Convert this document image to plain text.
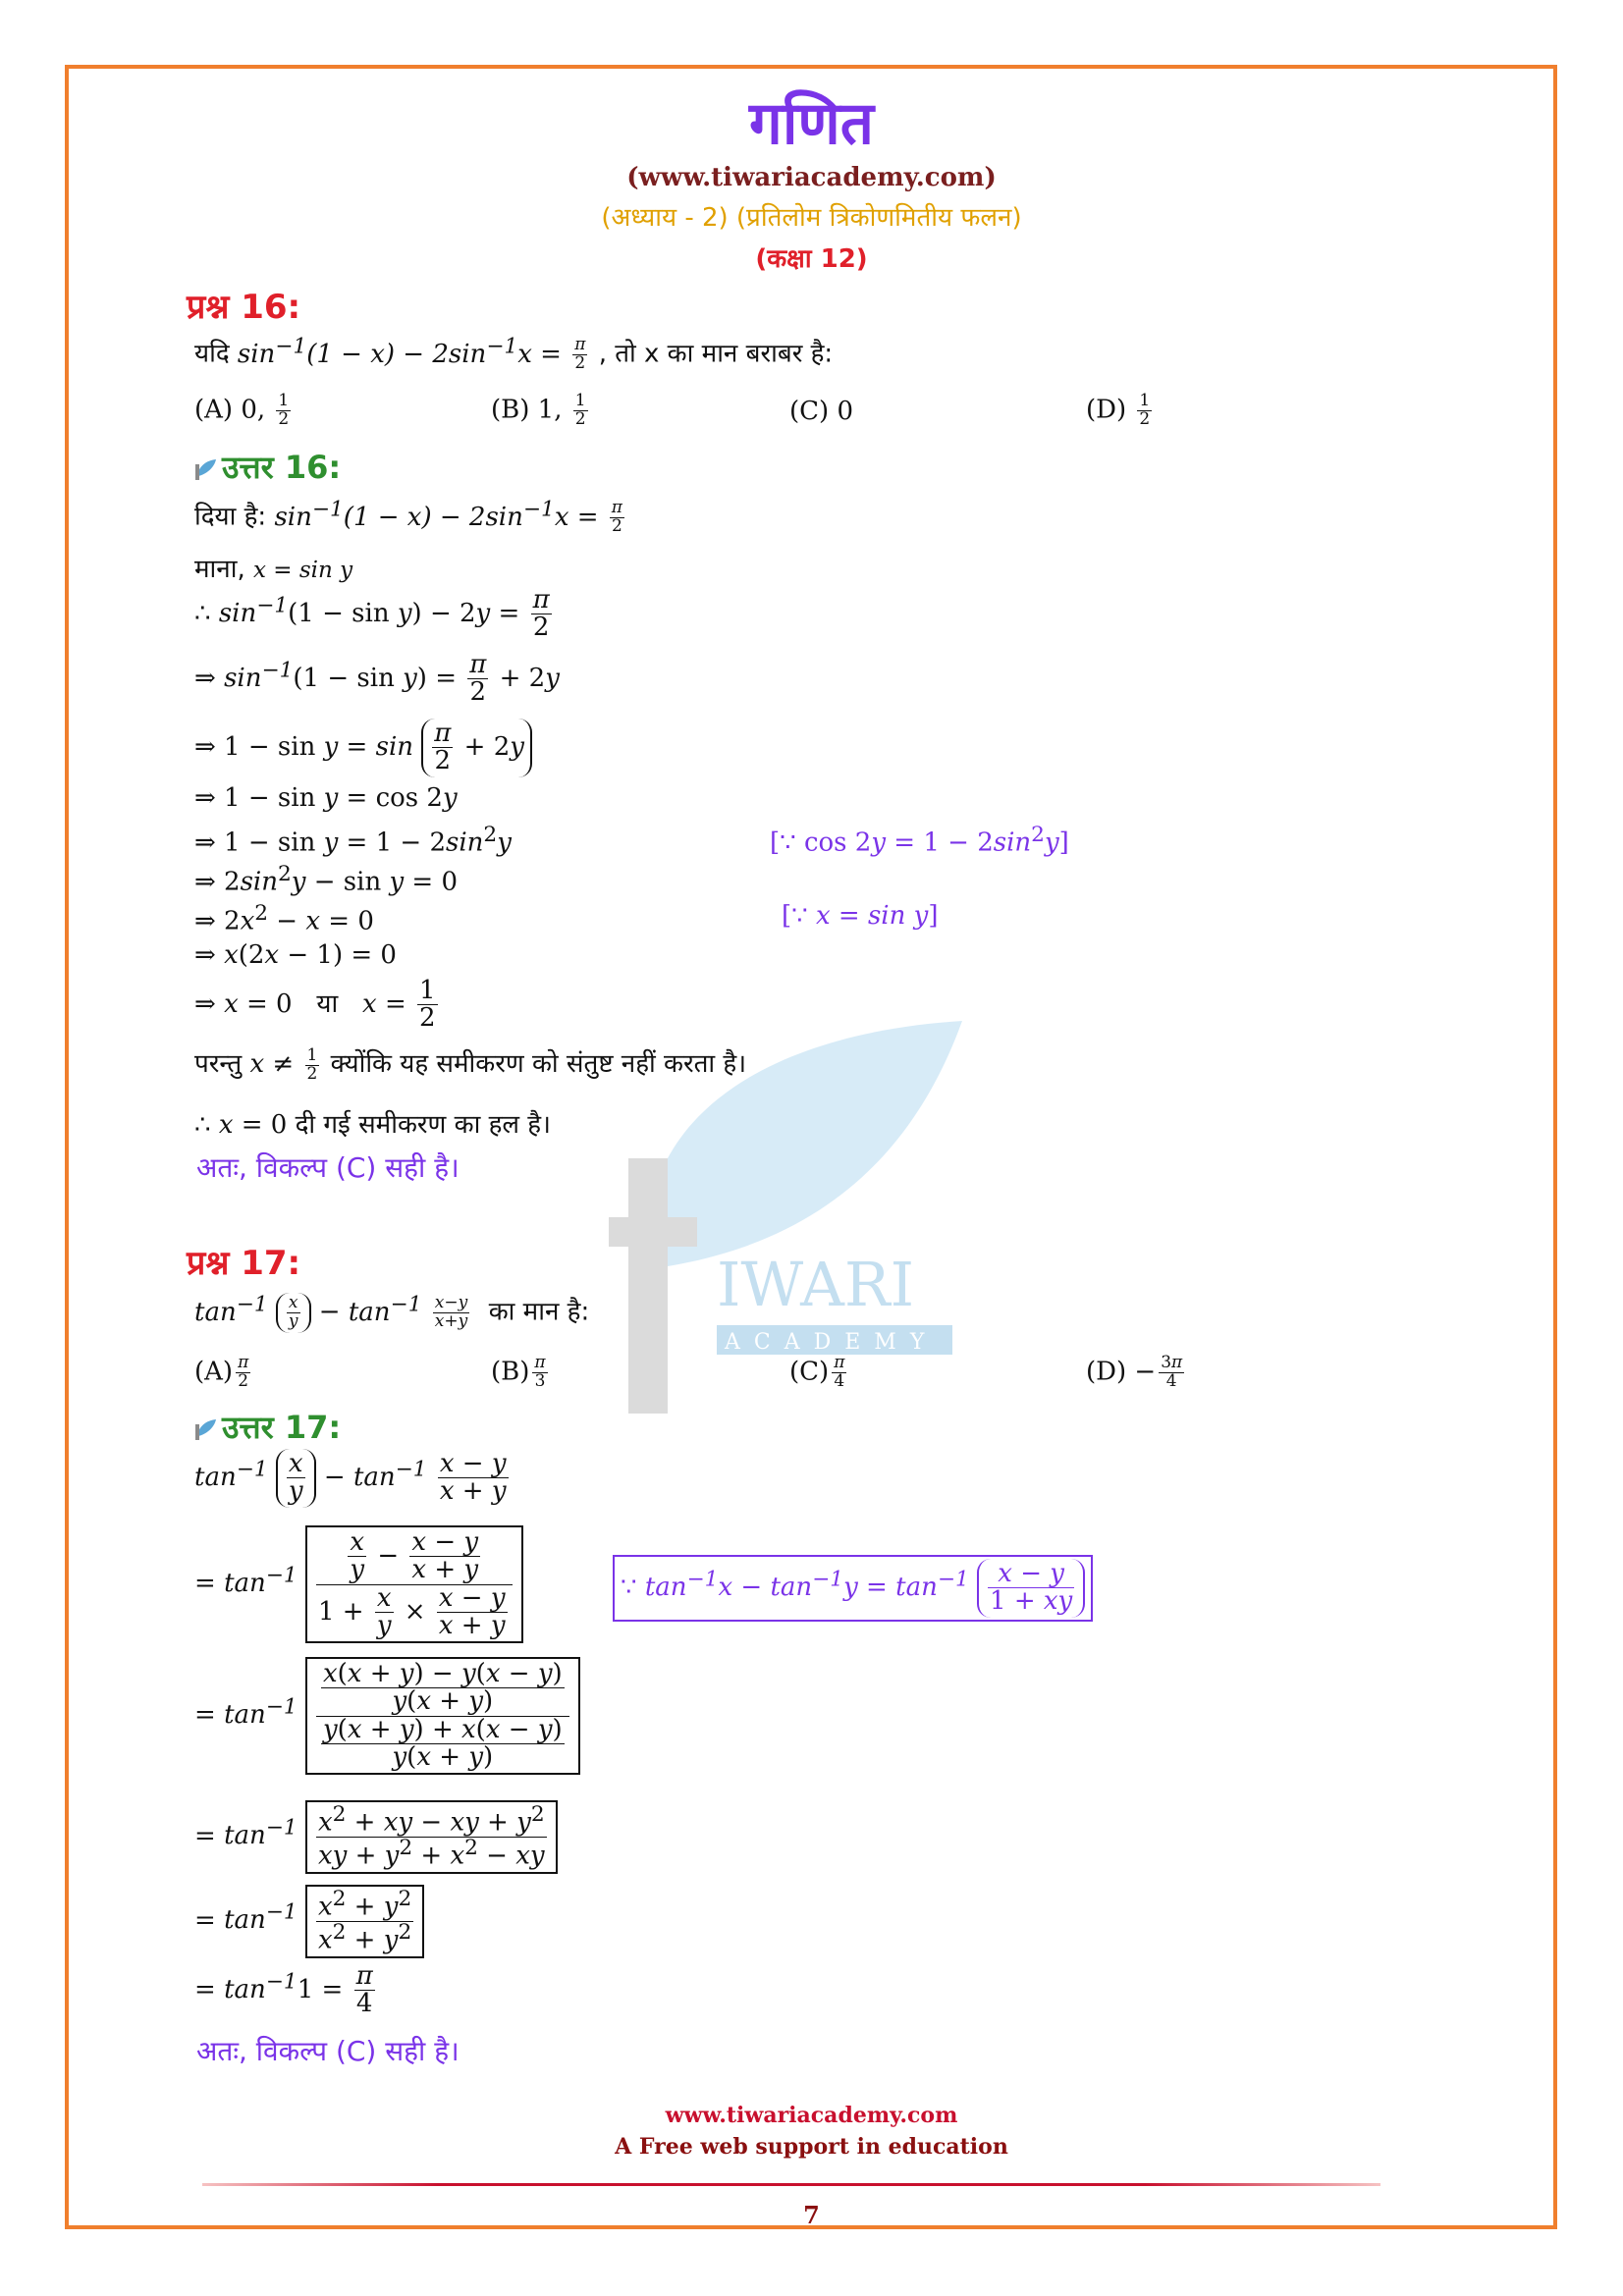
IWARI
ACADEMY
गणित
(www.tiwariacademy.com)
(अध्याय - 2) (प्रतिलोम त्रिकोणमितीय फलन)
(कक्षा 12)
प्रश्न 16:
यदि $\sin^{-1}(1 - x) - 2\sin^{-1}x = \frac{\pi}{2}$ , तो x का मान बराबर है:
(A) 0, $\frac{1}{2}$	(B) 1, $\frac{1}{2}$	(C) 0	$(D) \frac{1}{2}$
उत्तर 16:
दिया है: $\sin^{-1}(1 - x) - 2\sin^{-1}x = \frac{\pi}{2}$
माना, x = sin y
∴ $\sin^{-1}(1 - \sin y) - 2y = \frac{\pi}{2}$
⇒ $\sin^{-1}(1 - \sin y) = \frac{\pi}{2} + 2y$
⇒ $1 - \sin y = \sin \frac{\pi}{2} + 2y$
⇒ 1 − sin y = cos 2y
⇒ $1 - \sin y = 1 - 2\sin^2y$	[∵ $\cos 2y = 1 - 2\sin^2y$]
⇒ $2\sin^2y - \sin y = 0$
⇒ $2x^2 - x = 0$	[∵ x = sin y]
⇒ x(2x − 1) = 0
⇒ x = 0   या $x = \frac{1}{2}$
परन्तु $x \ne \frac{1}{2}$ क्योंकि यह समीकरण को संतुष्ट नहीं करता है।
∴ x = 0 दी गई समीकरण का हल है।
अतः, विकल्प (C) सही है।
प्रश्न 17:
$\tan^{-1} \frac{x}{y} - \tan^{-1} \frac{x-y}{x+y}$ का मान है:
$(A) \frac{\pi}{2}$	$(B) \frac{\pi}{3}$	$(C) \frac{\pi}{4}$	$(D) - \frac{3\pi}{4}$
उत्तर 17:
$\tan^{-1} \frac{x}{y} - \tan^{-1} \frac{x - y}{x + y}$
= $\tan^{-1} \frac{\frac{x}{y} - \frac{x - y}{x + y}}{1 + \frac{x}{y} \times \frac{x - y}{x + y}}$	∵ $\tan^{-1}x - \tan^{-1}y = \tan^{-1} \frac{x - y}{1 + xy}$
= $\tan^{-1} \frac{\frac{x(x + y) - y(x - y)}{y(x + y)}}{\frac{y(x + y) + x(x - y)}{y(x + y)}}$
= $\tan^{-1} \frac{x^2 + xy - xy + y^2}{xy + y^2 + x^2 - xy}$
= $\tan^{-1} \frac{x^2 + y^2}{x^2 + y^2}$
= $\tan^{-1}1 = \frac{\pi}{4}$
अतः, विकल्प (C) सही है।
www.tiwariacademy.com
A Free web support in education
7
